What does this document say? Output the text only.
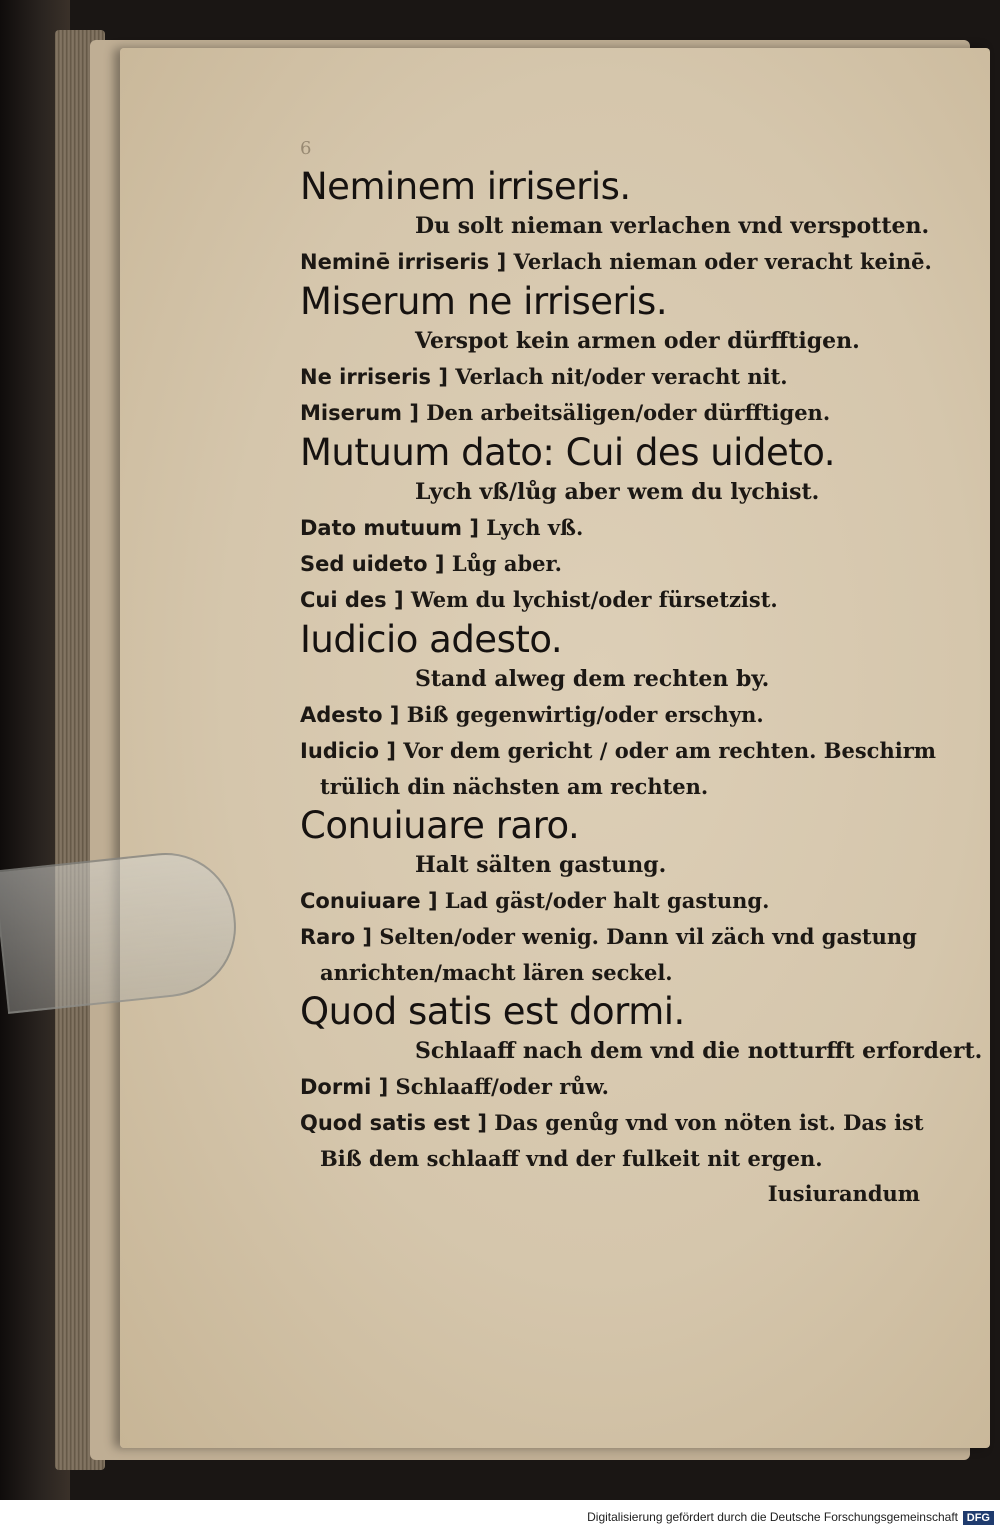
6
Neminem irriseris.
Du solt nieman verlachen vnd verspotten.
Neminē irriseris ] Verlach nieman oder veracht keinē.
Miserum ne irriseris.
Verspot kein armen oder dürfftigen.
Ne irriseris ] Verlach nit/oder veracht nit.
Miserum ] Den arbeitsäligen/oder dürfftigen.
Mutuum dato: Cui des uideto.
Lych vß/lůg aber wem du lychist.
Dato mutuum ] Lych vß.
Sed uideto ] Lůg aber.
Cui des ] Wem du lychist/oder fürsetzist.
Iudicio adesto.
Stand alweg dem rechten by.
Adesto ] Biß gegenwirtig/oder erschyn.
Iudicio ] Vor dem gericht / oder am rechten. Beschirm
trülich din nächsten am rechten.
Conuiuare raro.
Halt sälten gastung.
Conuiuare ] Lad gäst/oder halt gastung.
Raro ] Selten/oder wenig. Dann vil zäch vnd gastung
anrichten/macht lären seckel.
Quod satis est dormi.
Schlaaff nach dem vnd die notturfft erfordert.
Dormi ] Schlaaff/oder růw.
Quod satis est ] Das genůg vnd von nöten ist. Das ist
Biß dem schlaaff vnd der fulkeit nit ergen.
Iusiurandum
Digitalisierung gefördert durch die Deutsche Forschungsgemeinschaft DFG
